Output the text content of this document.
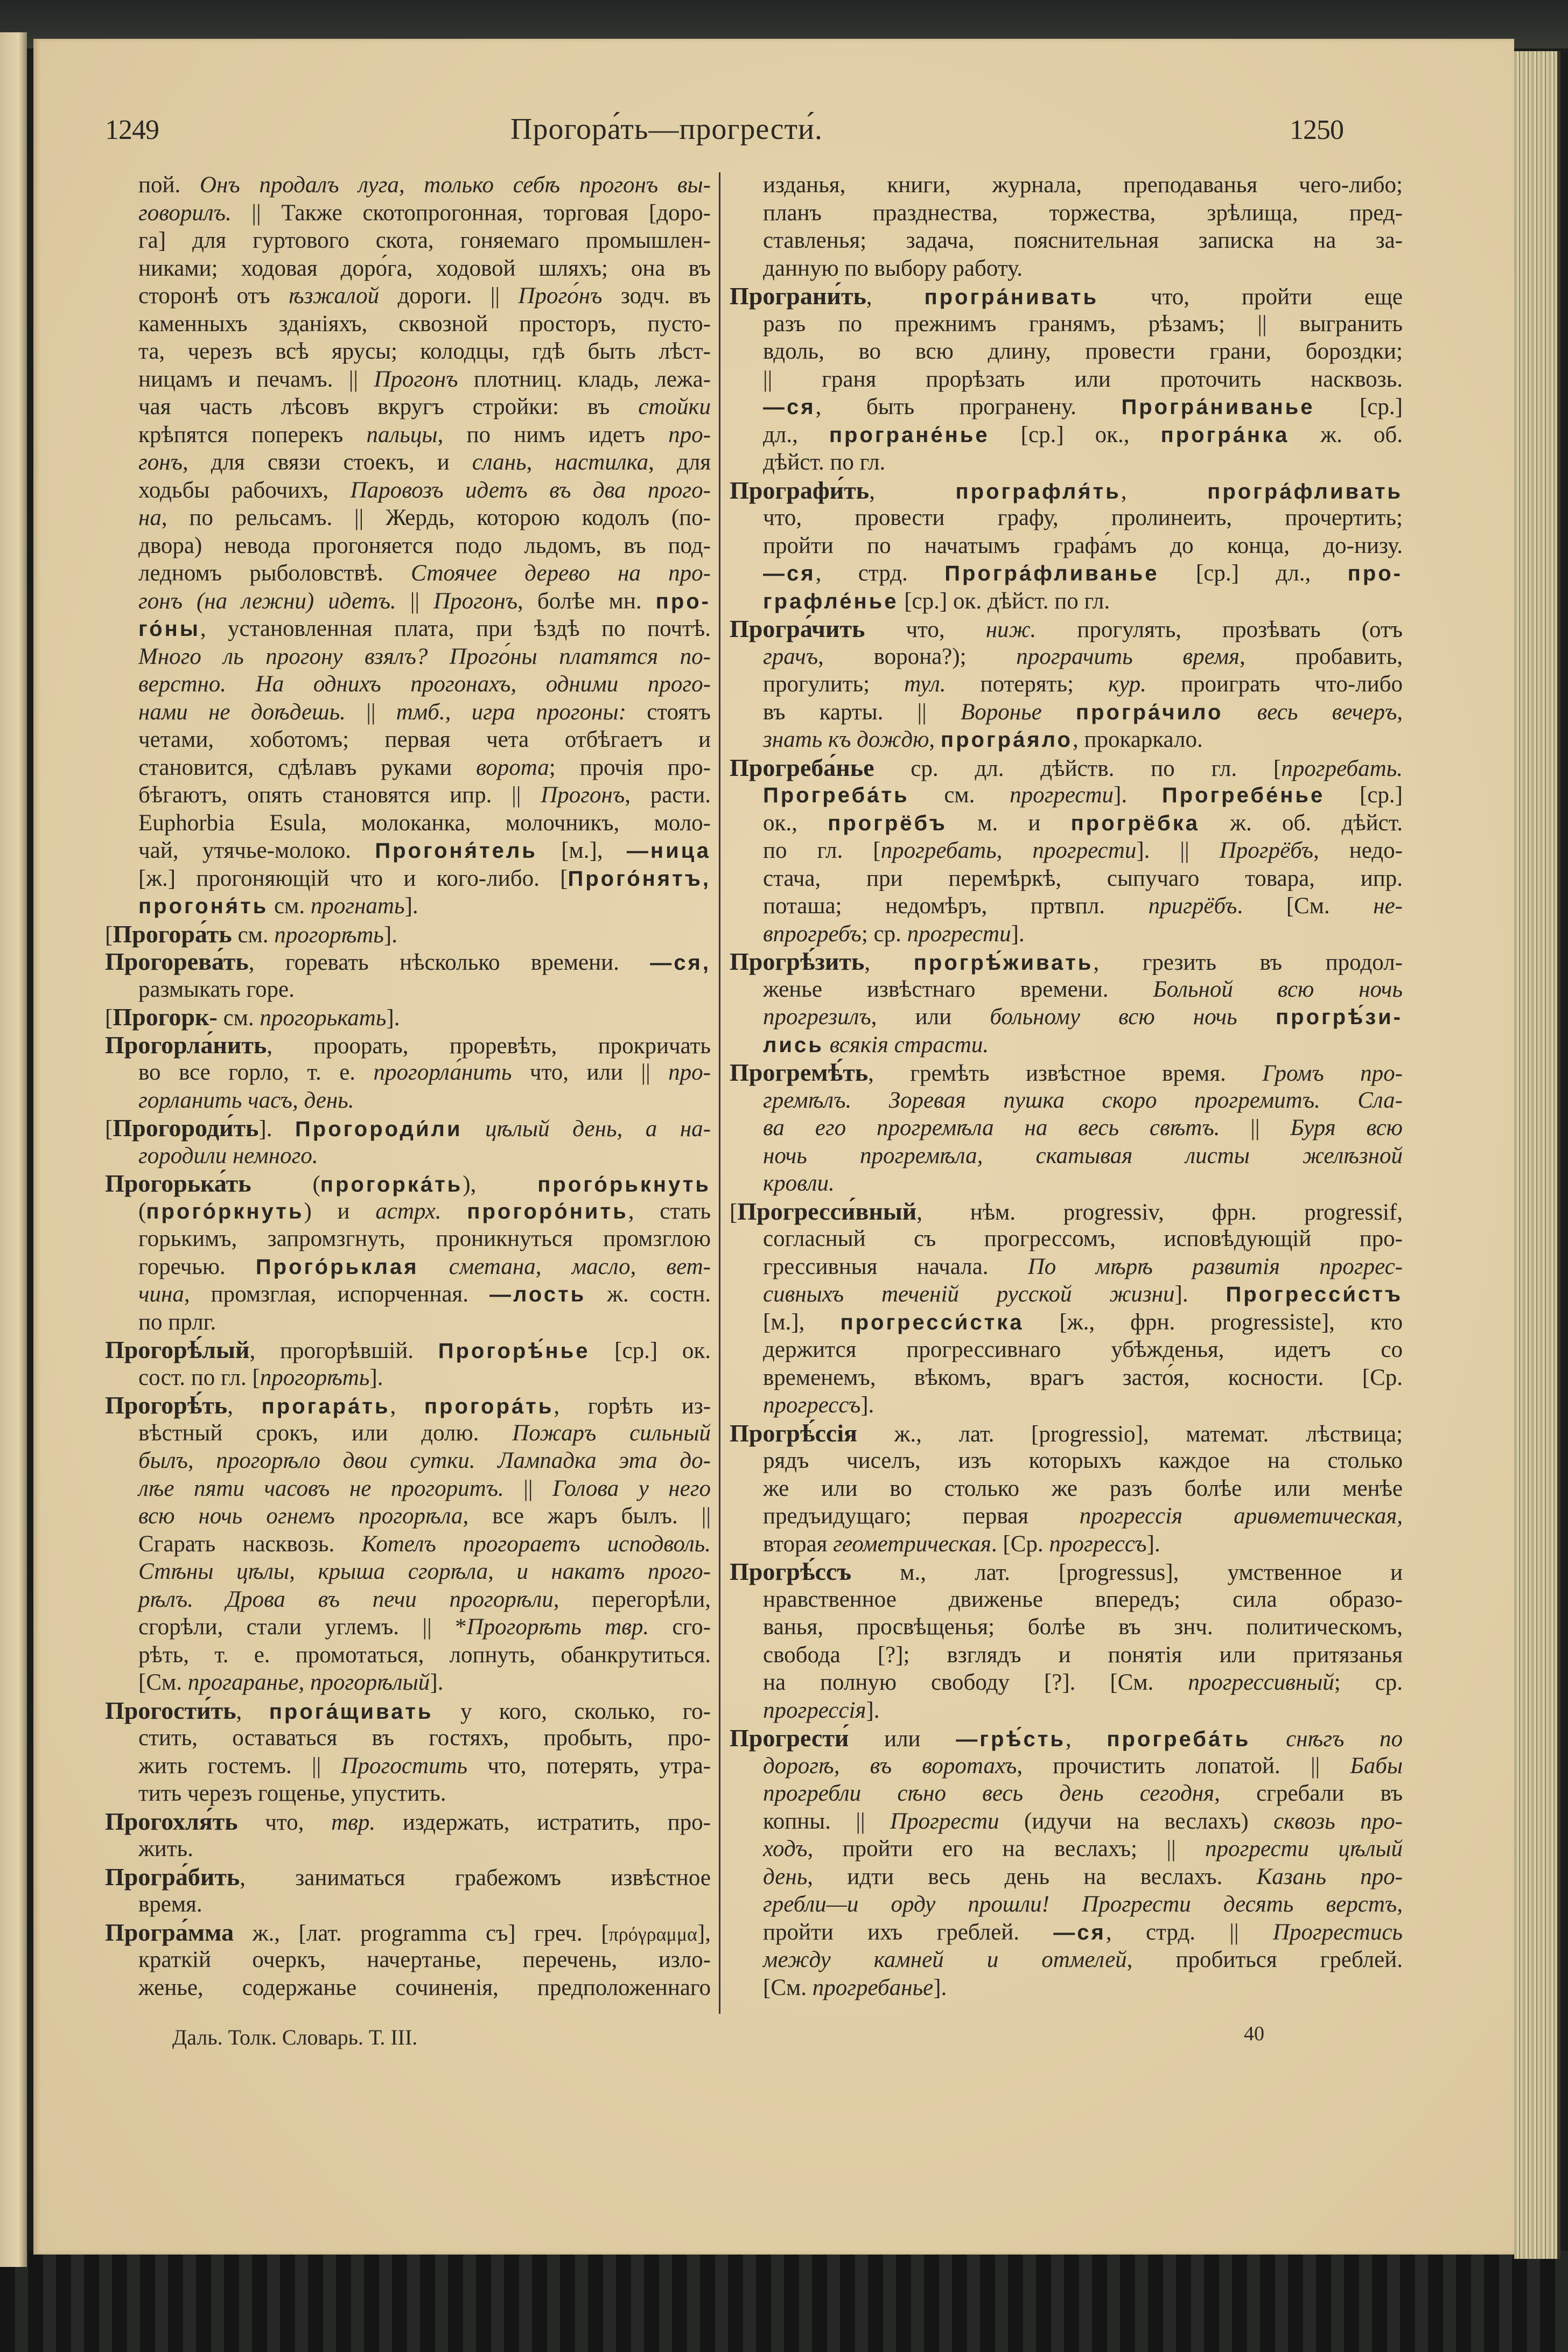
1249	Прогора́ть—прогрести́.	1250
пой. Онъ продалъ луга, только себѣ прогонъ вы-
говорилъ. || Также скотопрогонная, торговая [доро-
га] для гуртового скота, гоняемаго промышлен-
никами; ходовая доро́га, ходовой шляхъ; она въ
сторонѣ отъ ѣзжалой дороги. || Прого́нъ зодч. въ
каменныхъ зданiяхъ, сквозной просторъ, пусто-
та, черезъ всѣ ярусы; колодцы, гдѣ быть лѣст-
ницамъ и печамъ. || Прогонъ плотниц. кладь, лежа-
чая часть лѣсовъ вкругъ стройки: въ стойки
крѣпятся поперекъ пальцы, по нимъ идетъ про-
гонъ, для связи стоекъ, и слань, настилка, для
ходьбы рабочихъ, Паровозъ идетъ въ два прого-
на, по рельсамъ. || Жердь, которою кодолъ (по-
двора) невода прогоняется подо льдомъ, въ под-
ледномъ рыболовствѣ. Стоячее дерево на про-
гонъ (на лежни) идетъ. || Прогонъ, болѣе мн. про-
го́ны, установленная плата, при ѣздѣ по почтѣ.
Много ль прогону взялъ? Прого́ны платятся по-
верстно. На однихъ прогонахъ, одними прого-
нами не доѣдешь. || тмб., игра прогоны: стоятъ
четами, хоботомъ; первая чета отбѣгаетъ и
становится, сдѣлавъ руками ворота; прочiя про-
бѣгаютъ, опять становятся ипр. || Прогонъ, расти.
Euphorbia Esula, молоканка, молочникъ, моло-
чай, утячье-молоко. Прогоня́тель [м.], —ница
[ж.] прогоняющiй что и кого-либо. [Прого́нятъ,
прогоня́ть см. прогнать].
[Прогора́ть см. прогорѣть].
Прогорева́ть, горевать нѣсколько времени. —ся,
размыкать горе.
[Прогорк- см. прогорькать].
Прогорла́нить, проорать, проревѣть, прокричать
во все горло, т. е. прогорла́нить что, или || про-
горланить часъ, день.
[Прогороди́ть]. Прогороди́ли цѣлый день, а на-
городили немного.
Прогорька́ть (прогорка́ть), прого́рькнуть
(прого́ркнуть) и астрх. прогоро́нить, стать
горькимъ, запромзгнуть, проникнуться промзглою
горечью. Прого́рьклая сметана, масло, вет-
чина, промзглая, испорченная. —лость ж. состн.
по прлг.
Прогорѣ́лый, прогорѣвшiй. Прогорѣ́нье [ср.] ок.
сост. по гл. [прогорѣть].
Прогорѣ́ть, прогара́ть, прогора́ть, горѣть из-
вѣстный срокъ, или долю. Пожаръ сильный
былъ, прогорѣло двои сутки. Лампадка эта до-
лѣе пяти часовъ не прогоритъ. || Голова у него
всю ночь огнемъ прогорѣла, все жаръ былъ. ||
Сгарать насквозь. Котелъ прогораетъ исподволь.
Стѣны цѣлы, крыша сгорѣла, и накатъ прого-
рѣлъ. Дрова въ печи прогорѣли, перегорѣли,
сгорѣли, стали углемъ. || *Прогорѣть твр. сго-
рѣть, т. е. промотаться, лопнуть, обанкрутиться.
[См. прогаранье, прогорѣлый].
Прогости́ть, прога́щивать у кого, сколько, го-
стить, оставаться въ гостяхъ, пробыть, про-
жить гостемъ. || Прогостить что, потерять, утра-
тить черезъ гощенье, упустить.
Прогохля́ть что, твр. издержать, истратить, про-
жить.
Програ́бить, заниматься грабежомъ извѣстное
время.
Програ́мма ж., [лат. programma съ] греч. [πρόγραμμα],
краткiй очеркъ, начертанье, перечень, изло-
женье, содержанье сочиненiя, предположеннаго
изданья, книги, журнала, преподаванья чего-либо;
планъ празднества, торжества, зрѣлища, пред-
ставленья; задача, пояснительная записка на за-
данную по выбору работу.
Програни́ть, програ́нивать что, пройти еще
разъ по прежнимъ гранямъ, рѣзамъ; || выгранить
вдоль, во всю длину, провести грани, бороздки;
|| граня прорѣзать или проточить насквозь.
—ся, быть програнену. Програ́ниванье [ср.]
дл., програне́нье [ср.] ок., програ́нка ж. об.
дѣйст. по гл.
Прографи́ть, прографля́ть, програ́фливать
что, провести графу, пролинеить, прочертить;
пройти по начатымъ графа́мъ до конца, до-низу.
—ся, стрд. Програ́фливанье [ср.] дл., про-
графле́нье [ср.] ок. дѣйст. по гл.
Програ́чить что, ниж. прогулять, прозѣвать (отъ
грачъ, ворона?); програчить время, пробавить,
прогулить; тул. потерять; кур. проиграть что-либо
въ карты. || Воронье програ́чило весь вечеръ,
знать къ дождю, програ́яло, прокаркало.
Прогреба́нье ср. дл. дѣйств. по гл. [прогребать.
Прогреба́ть см. прогрести]. Прогребе́нье [ср.]
ок., прогрёбъ м. и прогрёбка ж. об. дѣйст.
по гл. [прогребать, прогрести]. || Прогрёбъ, недо-
стача, при перемѣркѣ, сыпучаго товара, ипр.
поташа; недомѣръ, пртвпл. пригрёбъ. [См. не-
впрогребъ; ср. прогрести].
Прогрѣ́зить, прогрѣ́живать, грезить въ продол-
женье извѣстнаго времени. Больной всю ночь
прогрезилъ, или больному всю ночь прогрѣ́зи-
лись всякiя страсти.
Прогремѣ́ть, гремѣть извѣстное время. Громъ про-
гремѣлъ. Зоревая пушка скоро прогремитъ. Сла-
ва его прогремѣла на весь свѣтъ. || Буря всю
ночь прогремѣла, скатывая листы желѣзной
кровли.
[Прогресси́вный, нѣм. progressiv, фрн. progressif,
согласный съ прогрессомъ, исповѣдующiй про-
грессивныя начала. По мѣрѣ развитiя прогрес-
сивныхъ теченiй русской жизни]. Прогресси́стъ
[м.], прогресси́стка [ж., фрн. progressiste], кто
держится прогрессивнаго убѣжденья, идетъ со
временемъ, вѣкомъ, врагъ засто́я, косности. [Ср.
прогрессъ].
Прогрѣ́ссiя ж., лат. [progressio], математ. лѣствица;
рядъ чиселъ, изъ которыхъ каждое на столько
же или во столько же разъ болѣе или менѣе
предъидущаго; первая прогрессiя ариѳметическая,
вторая геометрическая. [Ср. прогрессъ].
Прогрѣ́ссъ м., лат. [progressus], умственное и
нравственное движенье впередъ; сила образо-
ванья, просвѣщенья; болѣе въ знч. политическомъ,
свобода [?]; взглядъ и понятiя или притязанья
на полную свободу [?]. [См. прогрессивный; ср.
прогрессiя].
Прогрести́ или —грѣ́сть, прогреба́ть снѣгъ по
дорогѣ, въ воротахъ, прочистить лопатой. || Бабы
прогребли сѣно весь день сегодня, сгребали въ
копны. || Прогрести (идучи на веслахъ) сквозь про-
ходъ, пройти его на веслахъ; || прогрести цѣлый
день, идти весь день на веслахъ. Казань про-
гребли—и орду прошли! Прогрести десять верстъ,
пройти ихъ греблей. —ся, стрд. || Прогрестись
между камней и отмелей, пробиться греблей.
[См. прогребанье].
Даль. Толк. Словарь. Т. III.	40
